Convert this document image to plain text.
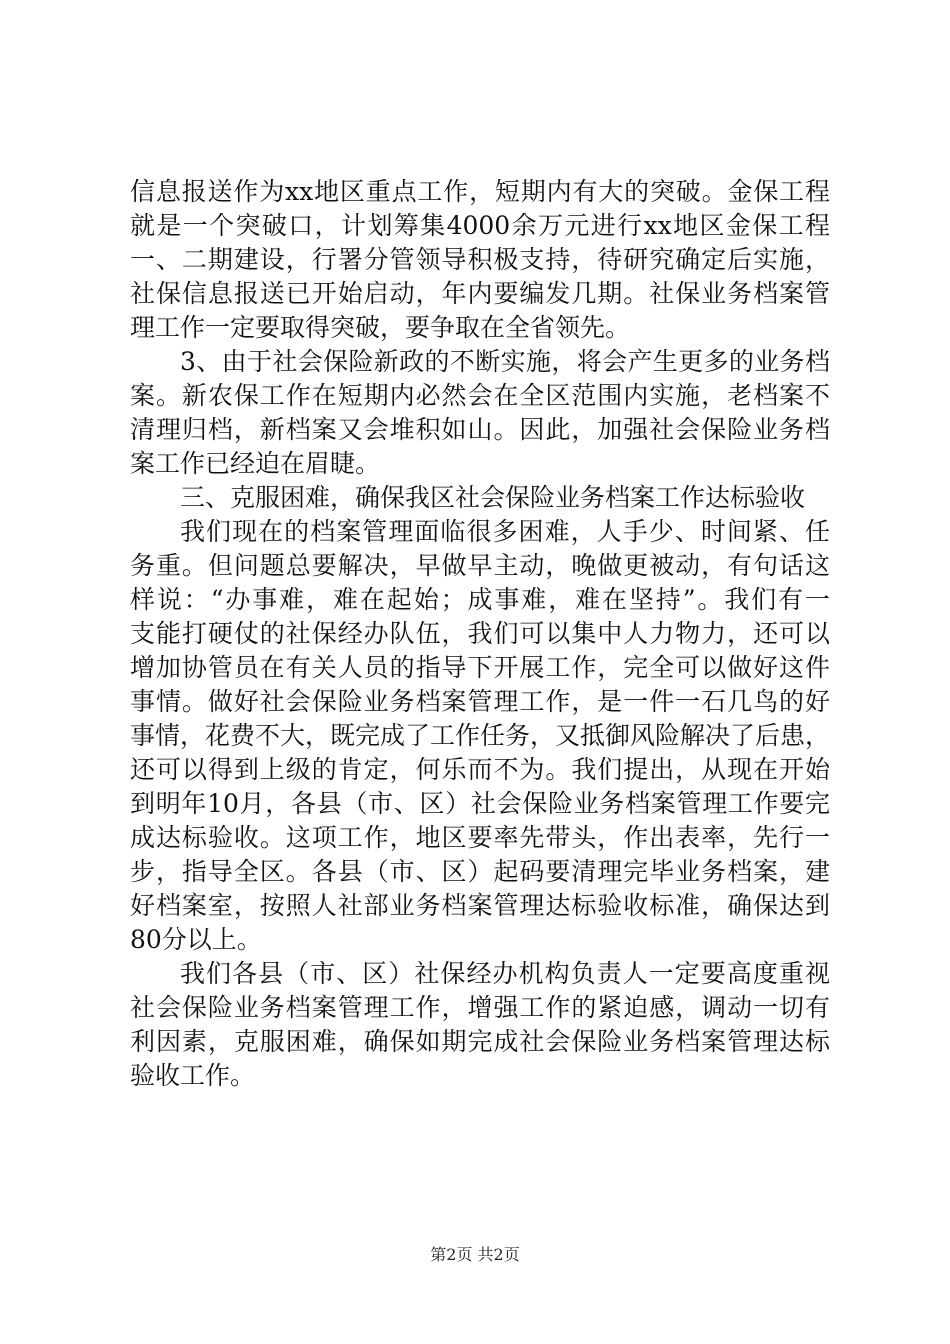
信息报送作为xx地区重点工作，短期内有大的突破。金保工程
就是一个突破口，计划筹集4000余万元进行xx地区金保工程
一、二期建设，行署分管领导积极支持，待研究确定后实施，
社保信息报送已开始启动，年内要编发几期。社保业务档案管
理工作一定要取得突破，要争取在全省领先。
3、由于社会保险新政的不断实施，将会产生更多的业务档
案。新农保工作在短期内必然会在全区范围内实施，老档案不
清理归档，新档案又会堆积如山。因此，加强社会保险业务档
案工作已经迫在眉睫。
三、克服困难，确保我区社会保险业务档案工作达标验收
我们现在的档案管理面临很多困难，人手少、时间紧、任
务重。但问题总要解决，早做早主动，晚做更被动，有句话这
样说：“办事难，难在起始；成事难，难在坚持”。我们有一
支能打硬仗的社保经办队伍，我们可以集中人力物力，还可以
增加协管员在有关人员的指导下开展工作，完全可以做好这件
事情。做好社会保险业务档案管理工作，是一件一石几鸟的好
事情，花费不大，既完成了工作任务，又抵御风险解决了后患，
还可以得到上级的肯定，何乐而不为。我们提出，从现在开始
到明年10月，各县（市、区）社会保险业务档案管理工作要完
成达标验收。这项工作，地区要率先带头，作出表率，先行一
步，指导全区。各县（市、区）起码要清理完毕业务档案，建
好档案室，按照人社部业务档案管理达标验收标准，确保达到
80分以上。
我们各县（市、区）社保经办机构负责人一定要高度重视
社会保险业务档案管理工作，增强工作的紧迫感，调动一切有
利因素，克服困难，确保如期完成社会保险业务档案管理达标
验收工作。
第2页 共2页
